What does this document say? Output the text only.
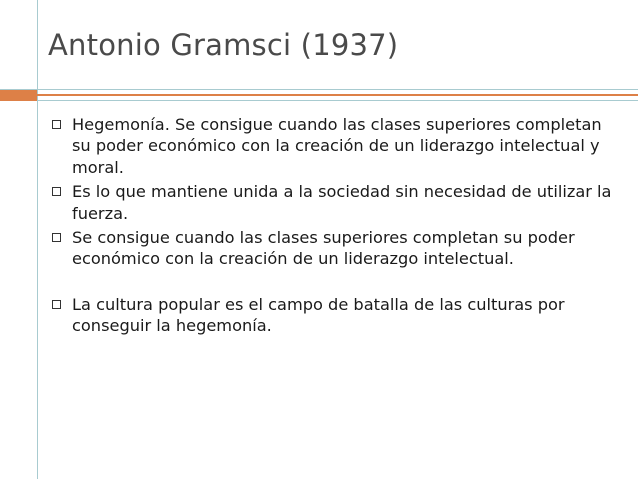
Antonio Gramsci (1937)
Hegemonía. Se consigue cuando las clases superiores completan su poder económico con la creación de un liderazgo intelectual y moral.
Es lo que mantiene unida a la sociedad sin necesidad de utilizar la fuerza.
Se consigue cuando las clases superiores completan su poder económico con la creación de un liderazgo intelectual.
La cultura popular es el campo de batalla de las culturas por conseguir la hegemonía.
